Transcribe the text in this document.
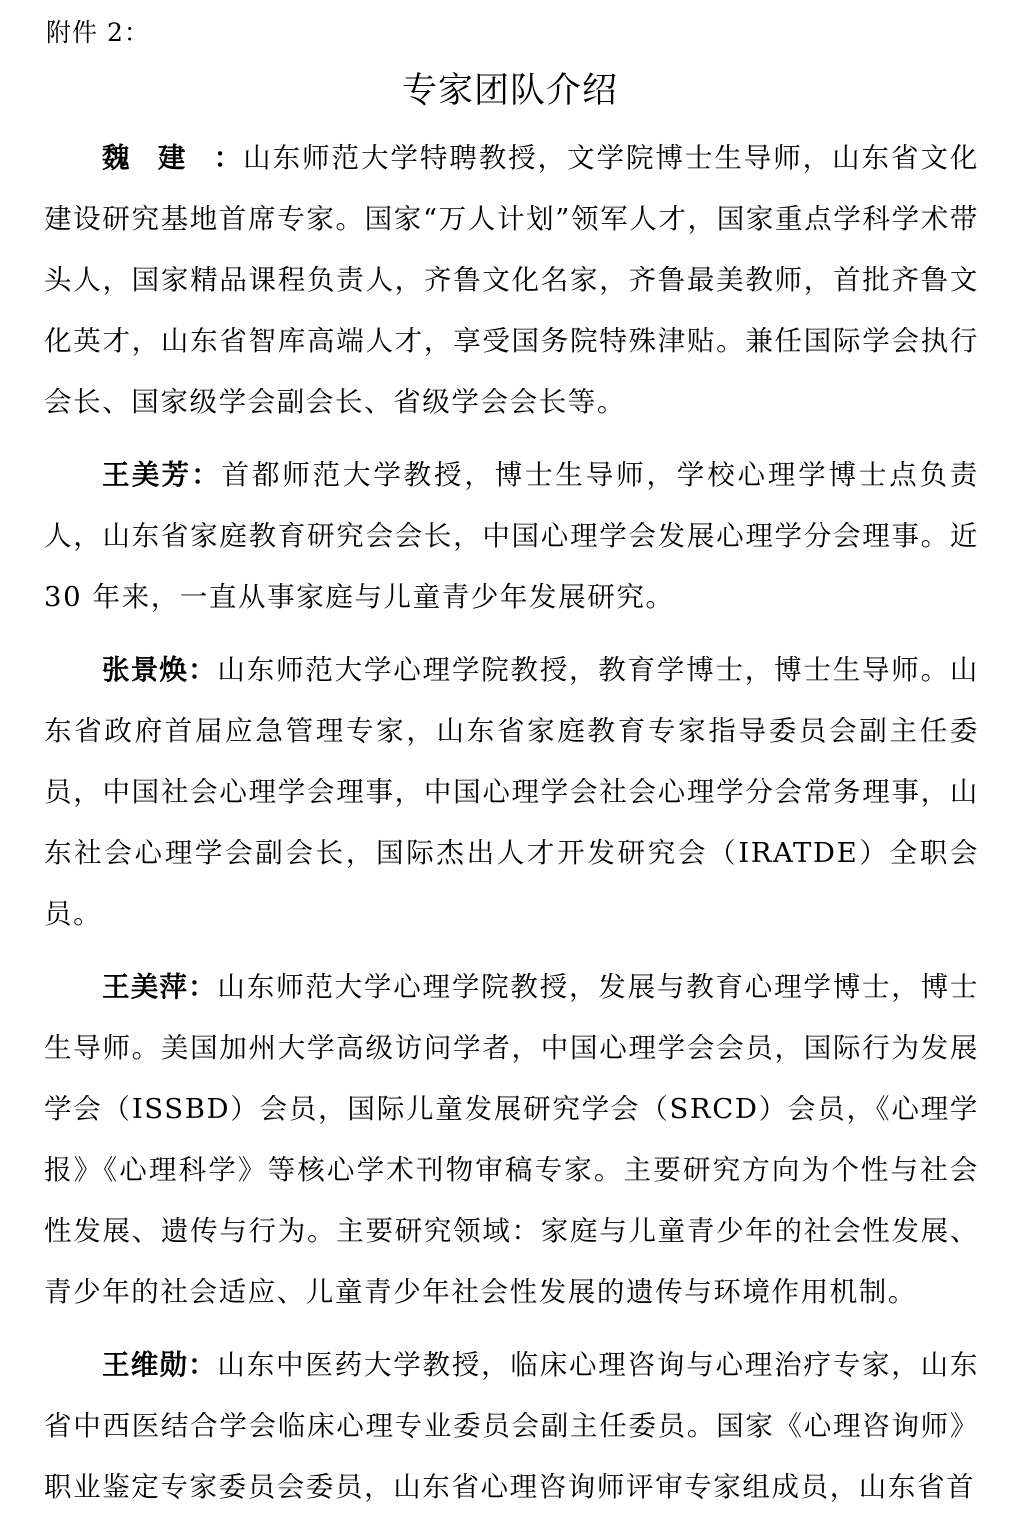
附件 2：
专家团队介绍

魏建：山东师范大学特聘教授，文学院博士生导师，山东省文化建设研究基地首席专家。国家“万人计划”领军人才，国家重点学科学术带头人，国家精品课程负责人，齐鲁文化名家，齐鲁最美教师，首批齐鲁文化英才，山东省智库高端人才，享受国务院特殊津贴。兼任国际学会执行会长、国家级学会副会长、省级学会会长等。

王美芳：首都师范大学教授，博士生导师，学校心理学博士点负责人，山东省家庭教育研究会会长，中国心理学会发展心理学分会理事。近 30 年来，一直从事家庭与儿童青少年发展研究。

张景焕：山东师范大学心理学院教授，教育学博士，博士生导师。山东省政府首届应急管理专家，山东省家庭教育专家指导委员会副主任委员，中国社会心理学会理事，中国心理学会社会心理学分会常务理事，山东社会心理学会副会长，国际杰出人才开发研究会（IRATDE）全职会员。

王美萍：山东师范大学心理学院教授，发展与教育心理学博士，博士生导师。美国加州大学高级访问学者，中国心理学会会员，国际行为发展学会（ISSBD）会员，国际儿童发展研究学会（SRCD）会员，《心理学报》《心理科学》等核心学术刊物审稿专家。主要研究方向为个性与社会性发展、遗传与行为。主要研究领域：家庭与儿童青少年的社会性发展、青少年的社会适应、儿童青少年社会性发展的遗传与环境作用机制。

王维勋：山东中医药大学教授，临床心理咨询与心理治疗专家，山东省中西医结合学会临床心理专业委员会副主任委员。国家《心理咨询师》职业鉴定专家委员会委员，山东省心理咨询师评审专家组成员，山东省首
